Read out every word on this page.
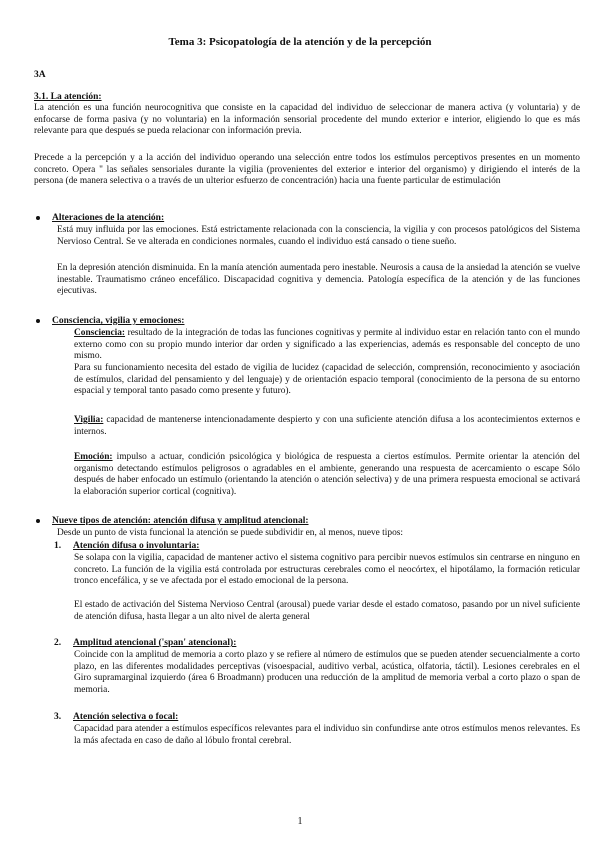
Tema 3: Psicopatología de la atención y de la percepción
3A
3.1. La atención:

La atención es una función neurocognitiva que consiste en la capacidad del individuo de seleccionar de manera activa (y voluntaria) y de enfocarse de forma pasiva (y no voluntaria) en la información sensorial procedente del mundo exterior e interior, eligiendo lo que es más relevante para que después se pueda relacionar con información previa.

Precede a la percepción y a la acción del individuo operando una selección entre todos los estímulos perceptivos presentes en un momento concreto. Opera " las señales sensoriales durante la vigilia (provenientes del exterior e interior del organismo) y dirigiendo el interés de la persona (de manera selectiva o a través de un ulterior esfuerzo de concentración) hacia una fuente particular de estimulación

Alteraciones de la atención:

Está muy influida por las emociones. Está estrictamente relacionada con la consciencia, la vigilia y con procesos patológicos del Sistema Nervioso Central. Se ve alterada en condiciones normales, cuando el individuo está cansado o tiene sueño.

En la depresión atención disminuida. En la manía atención aumentada pero inestable. Neurosis a causa de la ansiedad la atención se vuelve inestable. Traumatismo cráneo encefálico. Discapacidad cognitiva y demencia. Patología específica de la atención y de las funciones ejecutivas.

Consciencia, vigilia y emociones:

Consciencia: resultado de la integración de todas las funciones cognitivas y permite al individuo estar en relación tanto con el mundo externo como con su propio mundo interior dar orden y significado a las experiencias, además es responsable del concepto de uno mismo.

Para su funcionamiento necesita del estado de vigilia de lucidez (capacidad de selección, comprensión, reconocimiento y asociación de estímulos, claridad del pensamiento y del lenguaje) y de orientación espacio temporal (conocimiento de la persona de su entorno espacial y temporal tanto pasado como presente y futuro).

Vigilia: capacidad de mantenerse intencionadamente despierto y con una suficiente atención difusa a los acontecimientos externos e internos.

Emoción: impulso a actuar, condición psicológica y biológica de respuesta a ciertos estímulos. Permite orientar la atención del organismo detectando estímulos peligrosos o agradables en el ambiente, generando una respuesta de acercamiento o escape Sólo después de haber enfocado un estímulo (orientando la atención o atención selectiva) y de una primera respuesta emocional se activará la elaboración superior cortical (cognitiva).

Nueve tipos de atención: atención difusa y amplitud atencional:

Desde un punto de vista funcional la atención se puede subdividir en, al menos, nueve tipos:

1. Atención difusa o involuntaria:

Se solapa con la vigilia, capacidad de mantener activo el sistema cognitivo para percibir nuevos estímulos sin centrarse en ninguno en concreto. La función de la vigilia está controlada por estructuras cerebrales como el neocórtex, el hipotálamo, la formación reticular tronco encefálica, y se ve afectada por el estado emocional de la persona.

El estado de activación del Sistema Nervioso Central (arousal) puede variar desde el estado comatoso, pasando por un nivel suficiente de atención difusa, hasta llegar a un alto nivel de alerta general

2. Amplitud atencional ('span' atencional):

Coincide con la amplitud de memoria a corto plazo y se refiere al número de estímulos que se pueden atender secuencialmente a corto plazo, en las diferentes modalidades perceptivas (visoespacial, auditivo verbal, acústica, olfatoria, táctil). Lesiones cerebrales en el Giro supramarginal izquierdo (área 6 Broadmann) producen una reducción de la amplitud de memoria verbal a corto plazo o span de memoria.

3. Atención selectiva o focal:

Capacidad para atender a estímulos específicos relevantes para el individuo sin confundirse ante otros estímulos menos relevantes. Es la más afectada en caso de daño al lóbulo frontal cerebral.

1
